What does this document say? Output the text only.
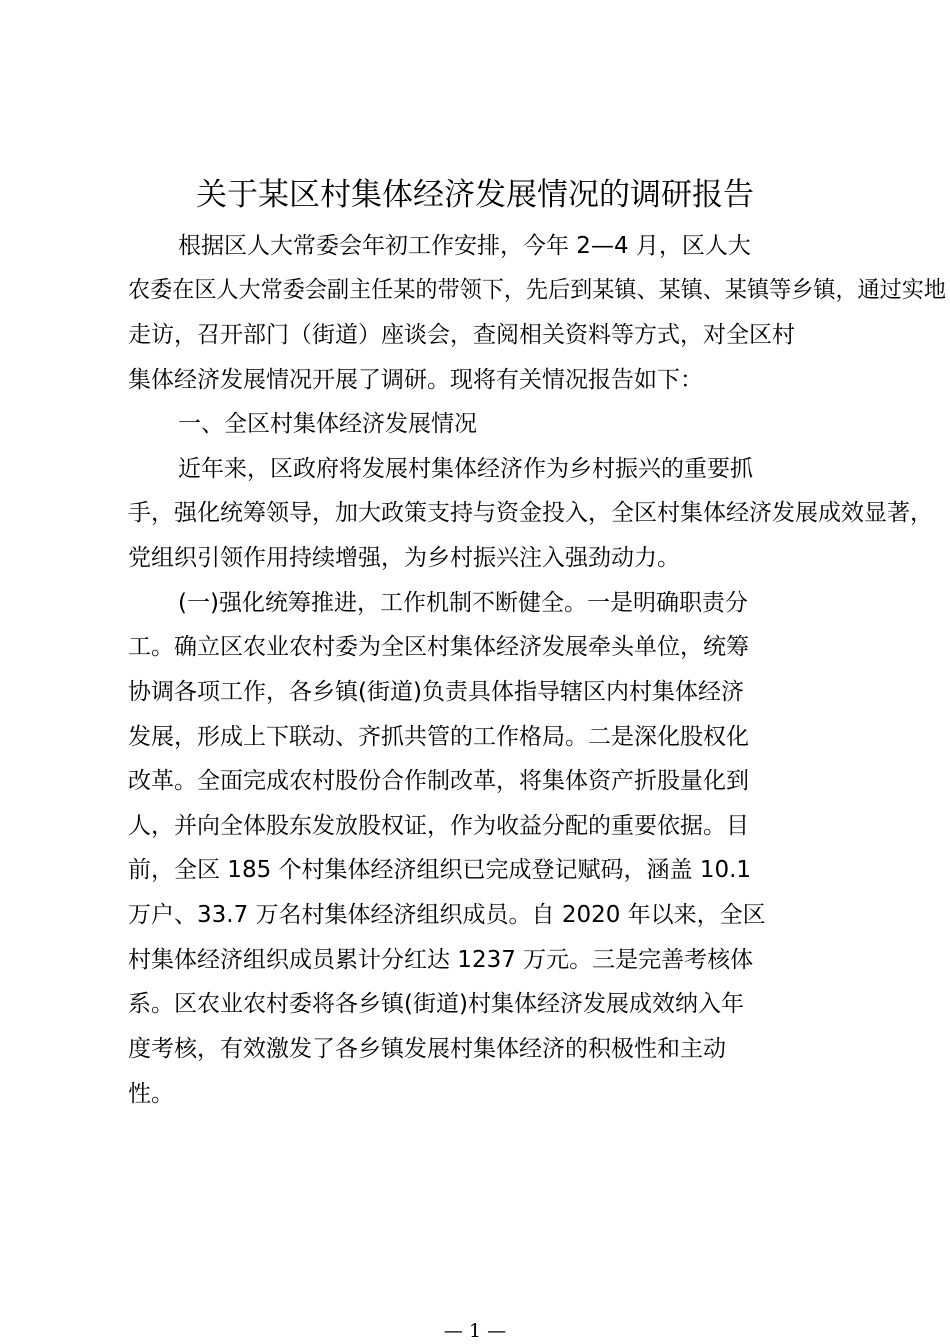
关于某区村集体经济发展情况的调研报告
根据区人大常委会年初工作安排，今年 2—4 月，区人大
农委在区人大常委会副主任某的带领下，先后到某镇、某镇、某镇等乡镇，通过实地
走访，召开部门（街道）座谈会，查阅相关资料等方式，对全区村
集体经济发展情况开展了调研。现将有关情况报告如下：
一、全区村集体经济发展情况
近年来，区政府将发展村集体经济作为乡村振兴的重要抓
手，强化统筹领导，加大政策支持与资金投入，全区村集体经济发展成效显著，
党组织引领作用持续增强，为乡村振兴注入强劲动力。
(一)强化统筹推进，工作机制不断健全。一是明确职责分
工。确立区农业农村委为全区村集体经济发展牵头单位，统筹
协调各项工作，各乡镇(街道)负责具体指导辖区内村集体经济
发展，形成上下联动、齐抓共管的工作格局。二是深化股权化
改革。全面完成农村股份合作制改革，将集体资产折股量化到
人，并向全体股东发放股权证，作为收益分配的重要依据。目
前，全区 185 个村集体经济组织已完成登记赋码，涵盖 10.1
万户、33.7 万名村集体经济组织成员。自 2020 年以来，全区
村集体经济组织成员累计分红达 1237 万元。三是完善考核体
系。区农业农村委将各乡镇(街道)村集体经济发展成效纳入年
度考核，有效激发了各乡镇发展村集体经济的积极性和主动
性。
— 1 —
